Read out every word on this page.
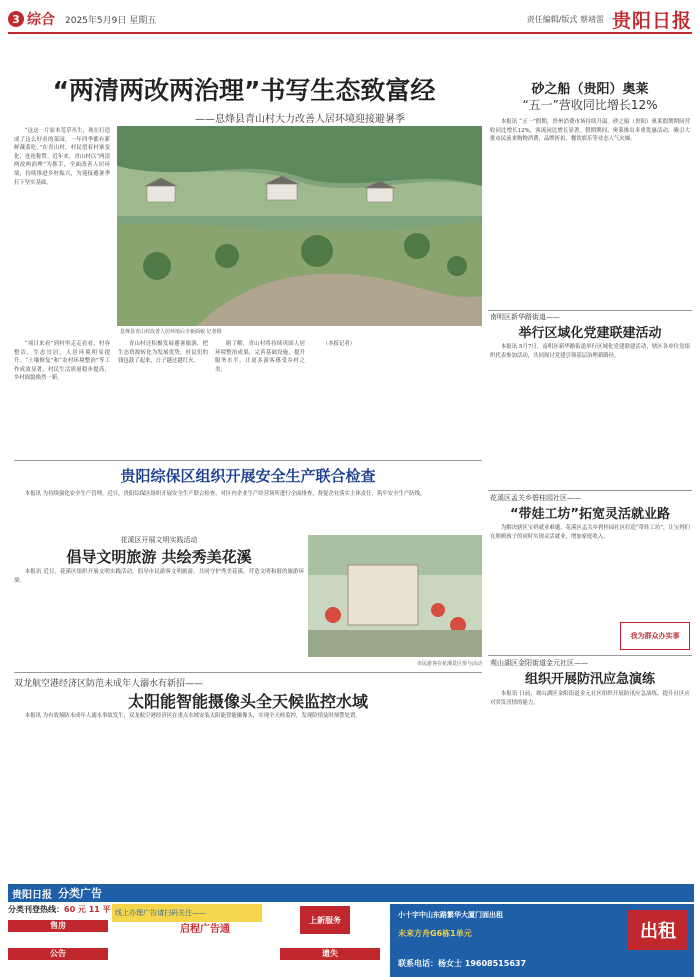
3 综合 2025年5月9日 星期五	责任编辑/版式 蔡靖雷 贵阳日报
“两清两改两治理”书写生态致富经
——息烽县青山村大力改善人居环境迎接避暑季

“这这一片原本荒草丛生，现在打造成了这么好看的菜园，一年四季都有新鲜蔬菜吃。”在青山村，村民望着村寨变化，连连称赞。近年来，青山村以“两清两改两治理”为抓手，全面改善人居环境，持续推进乡村振兴，为迎接避暑季打下坚实基础。

息烽县青山村改善人居环境后全新面貌 记者摄

“项目来看”到村里走走看看，村容整洁，生态宜居，人居环境明显提升。“土壤修复”和“农村环境整治”等工作成效显著，村民生活质量稳步提高，乡村面貌焕然一新。

青山村还积极发展避暑旅游，把生态资源转化为发展优势，村民们的钱包鼓了起来，日子越过越红火。

据了解，青山村将持续巩固人居环境整治成果，完善基础设施，提升服务水平，让更多游客感受乡村之美。

（本报记者）

砂之船（贵阳）奥莱
“五一”营收同比增长12%

本报讯 “五一”假期，贵州消费市场持续升温。砂之船（贵阳）奥莱假期期间营收同比增长12%，客流同比增长显著。假期期间，奥莱推出多重优惠活动，吸引大批市民前来购物消费，品牌折扣、餐饮娱乐等业态人气火爆。

南明区新华路街道——
举行区域化党建联建活动

本报讯 5月7日，南明区新华路街道举行区域化党建联建活动，辖区各单位党组织代表参加活动，共同探讨党建引领基层治理新路径。

贵阳综保区组织开展安全生产联合检查

本报讯 为持续强化安全生产管理，近日，贵阳综保区组织开展安全生产联合检查，对区内企业生产经营场所进行全面排查，督促企业落实主体责任，筑牢安全生产防线。

花溪区开展文明实践活动
倡导文明旅游 共绘秀美花溪

本报讯 近日，花溪区组织开展文明实践活动，倡导市民游客文明旅游，共同守护秀美花溪，营造文明和谐的旅游环境。

市民游客在花溪景区参与活动
花溪区孟关乡碧桂园社区——
“带娃工坊”拓宽灵活就业路

为解决辖区宝妈就业难题，花溪区孟关乡碧桂园社区打造“带娃工坊”，让宝妈们在照顾孩子的同时实现灵活就业，增加家庭收入。

我为群众办实事
观山湖区金阳街道金元社区——
组织开展防汛应急演练

本报讯 日前，观山湖区金阳街道金元社区组织开展防汛应急演练，提升社区应对突发汛情的能力。

双龙航空港经济区防范未成年人溺水有新招——
太阳能智能摄像头全天候监控水域

本报讯 为有效预防未成年人溺水事故发生，双龙航空港经济区在重点水域安装太阳能智能摄像头，实现全天候监控，发现险情及时预警处置。

贵阳日报 分类广告
分类刊登热线：60 元 11 平
售房
公告
线上办理广告请扫码关注——
启程广告通
上新服务
遗失
小十字中山东路繁华大厦门面出租
未来方舟G6栋1单元	出租
联系电话：杨女士 19608515637
